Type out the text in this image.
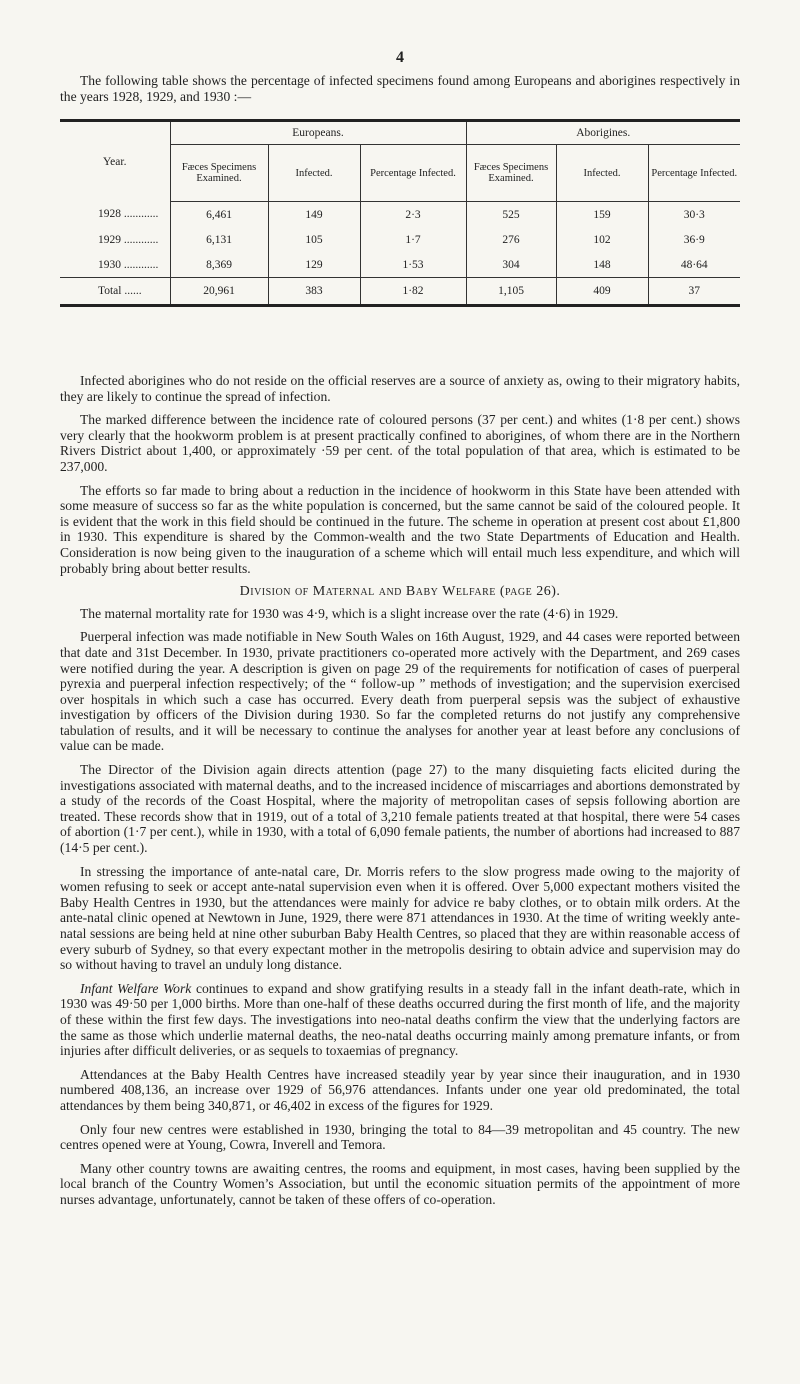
4

The following table shows the percentage of infected specimens found among Europeans and aborigines respectively in the years 1928, 1929, and 1930 :—

Year.	Europeans.			Aborigines.		
	Fæces Specimens Examined.	Infected.	Percentage Infected.	Fæces Specimens Examined.	Infected.	Percentage Infected.
1928 ............	6,461	149	2·3	525	159	30·3
1929 ............	6,131	105	1·7	276	102	36·9
1930 ............	8,369	129	1·53	304	148	48·64
Total ......	20,961	383	1·82	1,105	409	37

Infected aborigines who do not reside on the official reserves are a source of anxiety as, owing to their migratory habits, they are likely to continue the spread of infection.

The marked difference between the incidence rate of coloured persons (37 per cent.) and whites (1·8 per cent.) shows very clearly that the hookworm problem is at present practically confined to aborigines, of whom there are in the Northern Rivers District about 1,400, or approximately ·59 per cent. of the total population of that area, which is estimated to be 237,000.

The efforts so far made to bring about a reduction in the incidence of hookworm in this State have been attended with some measure of success so far as the white population is concerned, but the same cannot be said of the coloured people. It is evident that the work in this field should be continued in the future. The scheme in operation at present cost about £1,800 in 1930. This expenditure is shared by the Common-wealth and the two State Departments of Education and Health. Consideration is now being given to the inauguration of a scheme which will entail much less expenditure, and which will probably bring about better results.

Division of Maternal and Baby Welfare (page 26).

The maternal mortality rate for 1930 was 4·9, which is a slight increase over the rate (4·6) in 1929.

Puerperal infection was made notifiable in New South Wales on 16th August, 1929, and 44 cases were reported between that date and 31st December. In 1930, private practitioners co-operated more actively with the Department, and 269 cases were notified during the year. A description is given on page 29 of the requirements for notification of cases of puerperal pyrexia and puerperal infection respectively; of the “ follow-up ” methods of investigation; and the supervision exercised over hospitals in which such a case has occurred. Every death from puerperal sepsis was the subject of exhaustive investigation by officers of the Division during 1930. So far the completed returns do not justify any comprehensive tabulation of results, and it will be necessary to continue the analyses for another year at least before any conclusions of value can be made.

The Director of the Division again directs attention (page 27) to the many disquieting facts elicited during the investigations associated with maternal deaths, and to the increased incidence of miscarriages and abortions demonstrated by a study of the records of the Coast Hospital, where the majority of metropolitan cases of sepsis following abortion are treated. These records show that in 1919, out of a total of 3,210 female patients treated at that hospital, there were 54 cases of abortion (1·7 per cent.), while in 1930, with a total of 6,090 female patients, the number of abortions had increased to 887 (14·5 per cent.).

In stressing the importance of ante-natal care, Dr. Morris refers to the slow progress made owing to the majority of women refusing to seek or accept ante-natal supervision even when it is offered. Over 5,000 expectant mothers visited the Baby Health Centres in 1930, but the attendances were mainly for advice re baby clothes, or to obtain milk orders. At the ante-natal clinic opened at Newtown in June, 1929, there were 871 attendances in 1930. At the time of writing weekly ante-natal sessions are being held at nine other suburban Baby Health Centres, so placed that they are within reasonable access of every suburb of Sydney, so that every expectant mother in the metropolis desiring to obtain advice and supervision may do so without having to travel an unduly long distance.

Infant Welfare Work continues to expand and show gratifying results in a steady fall in the infant death-rate, which in 1930 was 49·50 per 1,000 births. More than one-half of these deaths occurred during the first month of life, and the majority of these within the first few days. The investigations into neo-natal deaths confirm the view that the underlying factors are the same as those which underlie maternal deaths, the neo-natal deaths occurring mainly among premature infants, or from injuries after difficult deliveries, or as sequels to toxaemias of pregnancy.

Attendances at the Baby Health Centres have increased steadily year by year since their inauguration, and in 1930 numbered 408,136, an increase over 1929 of 56,976 attendances. Infants under one year old predominated, the total attendances by them being 340,871, or 46,402 in excess of the figures for 1929.

Only four new centres were established in 1930, bringing the total to 84—39 metropolitan and 45 country. The new centres opened were at Young, Cowra, Inverell and Temora.

Many other country towns are awaiting centres, the rooms and equipment, in most cases, having been supplied by the local branch of the Country Women’s Association, but until the economic situation permits of the appointment of more nurses advantage, unfortunately, cannot be taken of these offers of co-operation.
